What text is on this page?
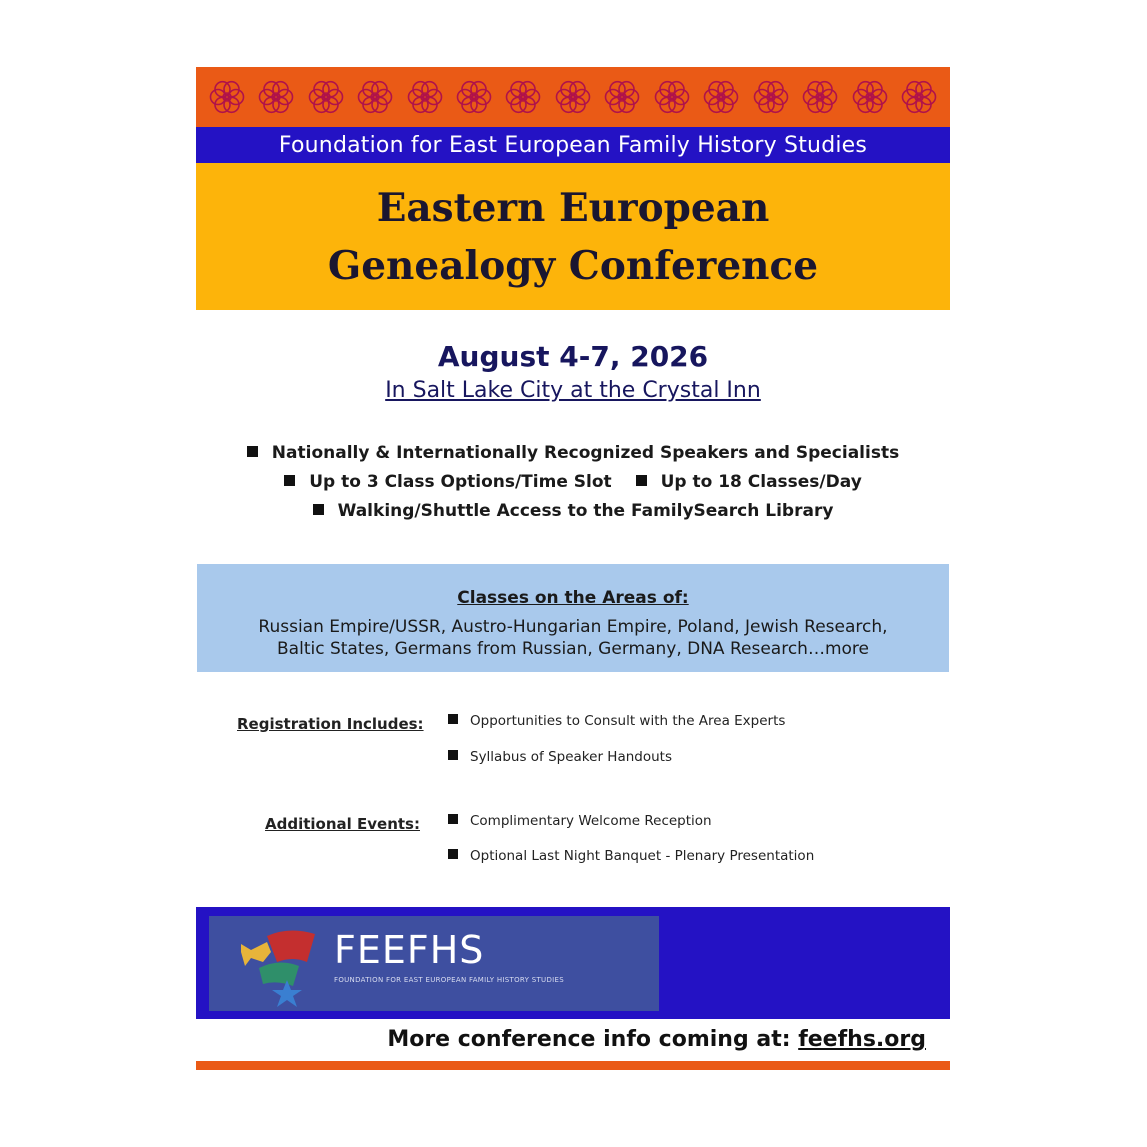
Foundation for East European Family History Studies
Eastern European
Genealogy Conference
August 4-7, 2026
In Salt Lake City at the Crystal Inn
Nationally & Internationally Recognized Speakers and Specialists
Up to 3 Class Options/Time Slot	Up to 18 Classes/Day
Walking/Shuttle Access to the FamilySearch Library
Classes on the Areas of:
Russian Empire/USSR, Austro-Hungarian Empire, Poland, Jewish Research,
Baltic States, Germans from Russian, Germany, DNA Research…more
Registration Includes:	Opportunities to Consult with the Area Experts
Syllabus of Speaker Handouts
Additional Events:	Complimentary Welcome Reception
Optional Last Night Banquet - Plenary Presentation
FEEFHS
FOUNDATION FOR EAST EUROPEAN FAMILY HISTORY STUDIES
More conference info coming at: feefhs.org
